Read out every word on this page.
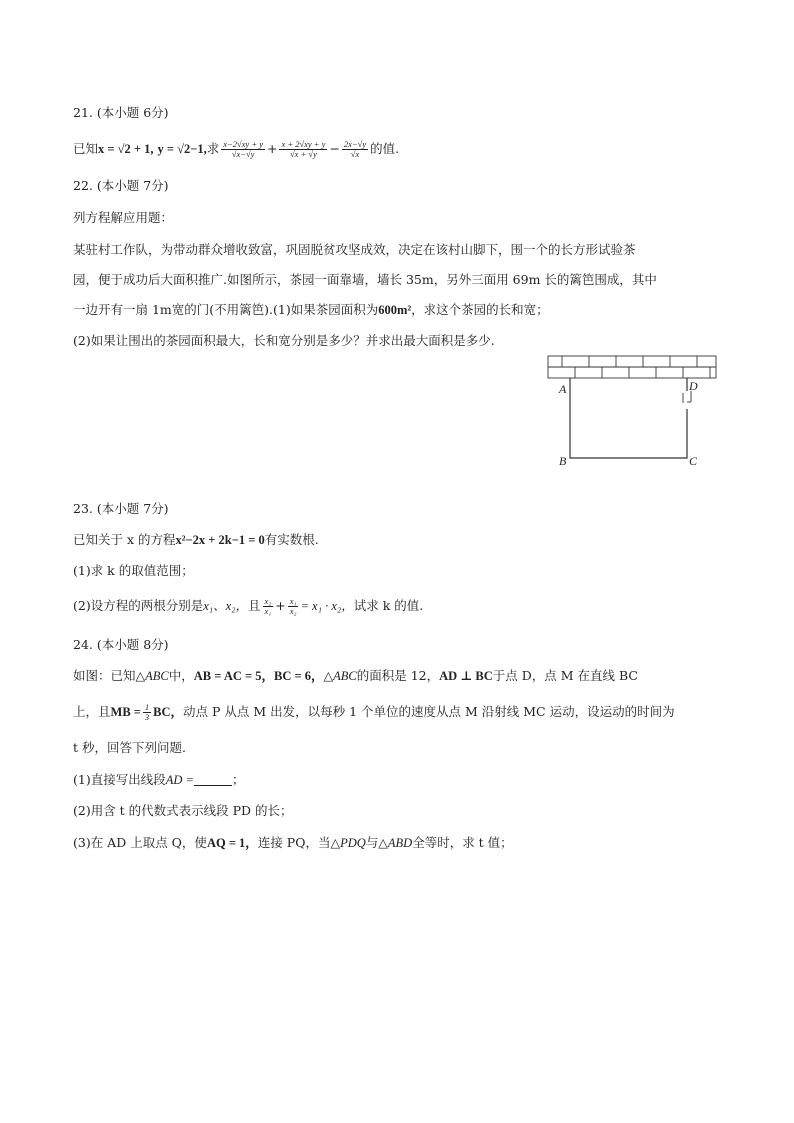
21. (本小题 6分)
已知x = √2 + 1, y = √2−1,求 $\frac{x-2√xy + y}{√x-√y} + \frac{x + 2√xy + y}{√x + √y} - \frac{2x-√y}{√x}$ 的值.
22. (本小题 7分)
列方程解应用题：
某驻村工作队，为带动群众增收致富，巩固脱贫攻坚成效，决定在该村山脚下，围一个的长方形试验茶
园，便于成功后大面积推广.如图所示，茶园一面靠墙，墙长 35m，另外三面用 69m 长的篱笆围成，其中
一边开有一扇 1m宽的门(不用篱笆).(1)如果茶园面积为600m²，求这个茶园的长和宽；
(2)如果让围出的茶园面积最大，长和宽分别是多少？并求出最大面积是多少.
A	D
B	C
23. (本小题 7分)
已知关于 x 的方程x²−2x + 2k−1 = 0有实数根.
(1)求 k 的取值范围；
(2)设方程的两根分别是x₁、x₂，且 $\frac{\text{x₂}}{\text{x₁}} + \frac{\text{x₁}}{\text{x₂}} = x_1 \cdot x_2$，试求 k 的值.
24. (本小题 8分)
如图：已知△ABC中，AB = AC = 5，BC = 6，△ABC的面积是 12，AD ⊥ BC于点 D，点 M 在直线 BC
上，且MB = $\frac{1}{3}$ BC，动点 P 从点 M 出发，以每秒 1 个单位的速度从点 M 沿射线 MC 运动，设运动的时间为
t 秒，回答下列问题.
(1)直接写出线段AD =	；
(2)用含 t 的代数式表示线段 PD 的长；
(3)在 AD 上取点 Q，使AQ = 1，连接 PQ，当△PDQ与△ABD全等时，求 t 值；
